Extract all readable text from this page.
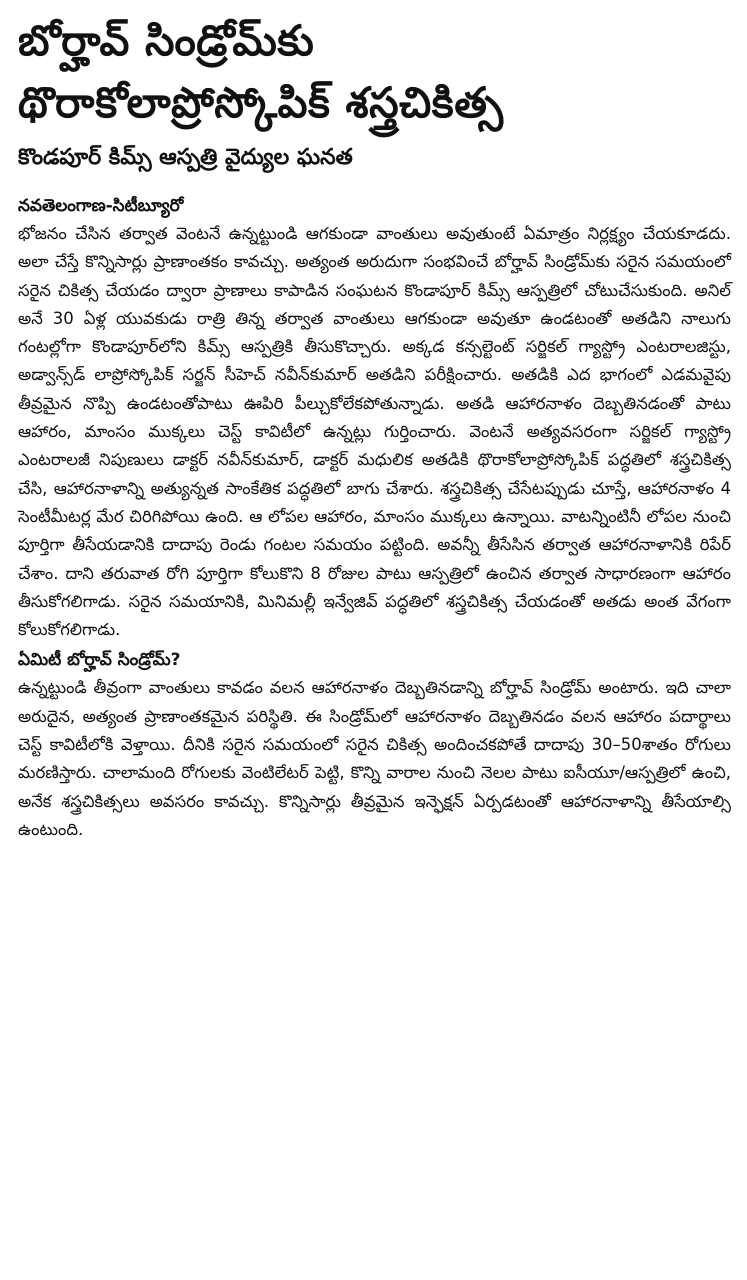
బోర్హావ్ సిండ్రోమ్‌కు
థొరాకోలాప్రోస్కోపిక్ శస్త్రచికిత్స
కొండపూర్ కిమ్స్ ఆస్పత్రి వైద్యుల ఘనత
నవతెలంగాణ-సిటీబ్యూరో

భోజనం చేసిన తర్వాత వెంటనే ఉన్నట్టుండి ఆగకుండా వాంతులు అవుతుంటే ఏమాత్రం నిర్లక్ష్యం చేయకూడదు. అలా చేస్తే కొన్నిసార్లు ప్రాణాంతకం కావచ్చు. అత్యంత అరుదుగా సంభవించే బోర్హావ్ సిండ్రోమ్‌కు సరైన సమయంలో సరైన చికిత్స చేయడం ద్వారా ప్రాణాలు కాపాడిన సంఘటన కొండాపూర్ కిమ్స్ ఆస్పత్రిలో చోటుచేసుకుంది. అనిల్ అనే 30 ఏళ్ల యువకుడు రాత్రి తిన్న తర్వాత వాంతులు ఆగకుండా అవుతూ ఉండటంతో అతడిని నాలుగు గంటల్లోగా కొండాపూర్‌లోని కిమ్స్ ఆస్పత్రికి తీసుకొచ్చారు. అక్కడ కన్సల్టెంట్ సర్జికల్ గ్యాస్ట్రో ఎంటరాలజిస్టు, అడ్వాన్స్‌డ్ లాప్రోస్కోపిక్ సర్జన్ సీహెచ్ నవీన్‌కుమార్ అతడిని పరీక్షించారు. అతడికి ఎద భాగంలో ఎడమవైపు తీవ్రమైన నొప్పి ఉండటంతోపాటు ఊపిరి పీల్చుకోలేకపోతున్నాడు. అతడి ఆహారనాళం దెబ్బతినడంతో పాటు ఆహారం, మాంసం ముక్కలు చెస్ట్ కావిటీలో ఉన్నట్లు గుర్తించారు. వెంటనే అత్యవసరంగా సర్జికల్ గ్యాస్ట్రో ఎంటరాలజీ నిపుణులు డాక్టర్ నవీన్‌కుమార్, డాక్టర్ మధులిక అతడికి థొరాకోలాప్రోస్కోపిక్ పద్ధతిలో శస్త్రచికిత్స చేసి, ఆహారనాళాన్ని అత్యున్నత సాంకేతిక పద్ధతిలో బాగు చేశారు. శస్త్రచికిత్స చేసేటప్పుడు చూస్తే, ఆహారనాళం 4 సెంటీమీటర్ల మేర చిరిగిపోయి ఉంది. ఆ లోపల ఆహారం, మాంసం ముక్కలు ఉన్నాయి. వాటన్నింటినీ లోపల నుంచి పూర్తిగా తీసేయడానికి దాదాపు రెండు గంటల సమయం పట్టింది. అవన్నీ తీసేసిన తర్వాత ఆహారనాళానికి రిపేర్ చేశాం. దాని తరువాత రోగి పూర్తిగా కోలుకొని 8 రోజుల పాటు ఆస్పత్రిలో ఉంచిన తర్వాత సాధారణంగా ఆహారం తీసుకోగలిగాడు. సరైన సమయానికి, మినిమల్లీ ఇన్వేజివ్ పద్ధతిలో శస్త్రచికిత్స చేయడంతో అతడు అంత వేగంగా కోలుకోగలిగాడు.

ఏమిటీ బోర్హావ్ సిండ్రోమ్?

ఉన్నట్టుండి తీవ్రంగా వాంతులు కావడం వలన ఆహారనాళం దెబ్బతినడాన్ని బోర్హావ్ సిండ్రోమ్ అంటారు. ఇది చాలా అరుదైన, అత్యంత ప్రాణాంతకమైన పరిస్థితి. ఈ సిండ్రోమ్‌లో ఆహారనాళం దెబ్బతినడం వలన ఆహారం పదార్థాలు చెస్ట్ కావిటీలోకి వెళ్తాయి. దీనికి సరైన సమయంలో సరైన చికిత్స అందించకపోతే దాదాపు 30–50శాతం రోగులు మరణిస్తారు. చాలామంది రోగులకు వెంటిలేటర్ పెట్టి, కొన్ని వారాల నుంచి నెలల పాటు ఐసీయూ/ఆస్పత్రిలో ఉంచి, అనేక శస్త్రచికిత్సలు అవసరం కావచ్చు. కొన్నిసార్లు తీవ్రమైన ఇన్ఫెక్షన్ ఏర్పడటంతో ఆహారనాళాన్ని తీసేయాల్సి ఉంటుంది.
